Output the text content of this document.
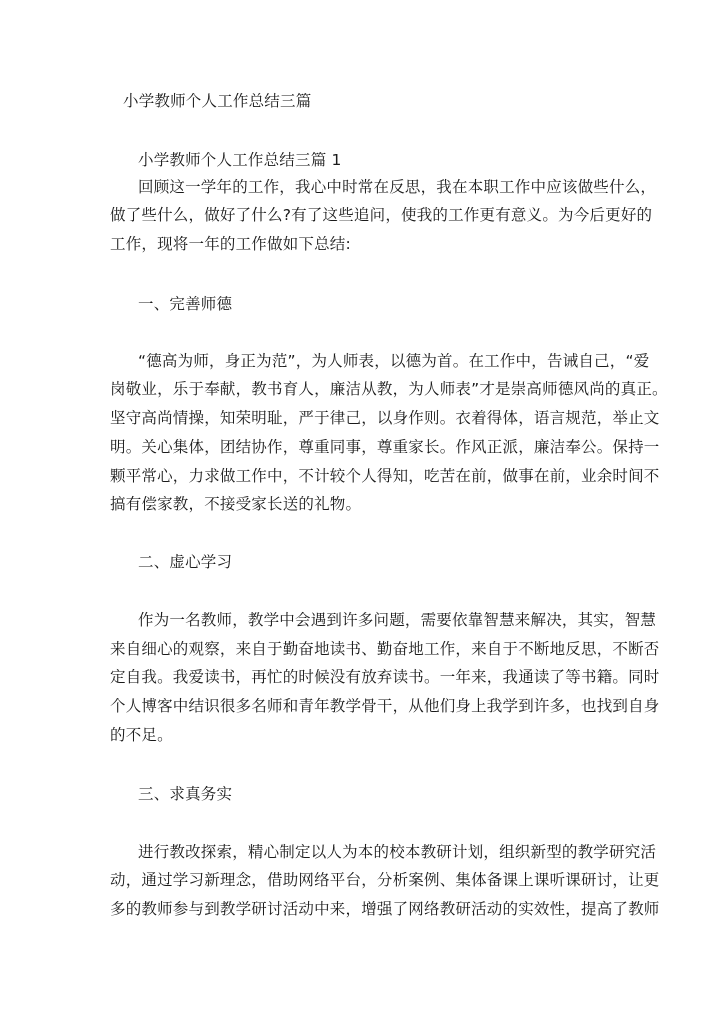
小学教师个人工作总结三篇
小学教师个人工作总结三篇 1
回顾这一学年的工作，我心中时常在反思，我在本职工作中应该做些什么，
做了些什么，做好了什么?有了这些追问，使我的工作更有意义。为今后更好的
工作，现将一年的工作做如下总结:
一、完善师德
“德高为师，身正为范”，为人师表，以德为首。在工作中，告诫自己，“爱
岗敬业，乐于奉献，教书育人，廉洁从教，为人师表”才是崇高师德风尚的真正。
坚守高尚情操，知荣明耻，严于律己，以身作则。衣着得体，语言规范，举止文
明。关心集体，团结协作，尊重同事，尊重家长。作风正派，廉洁奉公。保持一
颗平常心，力求做工作中，不计较个人得知，吃苦在前，做事在前，业余时间不
搞有偿家教，不接受家长送的礼物。
二、虚心学习
作为一名教师，教学中会遇到许多问题，需要依靠智慧来解决，其实，智慧
来自细心的观察，来自于勤奋地读书、勤奋地工作，来自于不断地反思，不断否
定自我。我爱读书，再忙的时候没有放弃读书。一年来，我通读了等书籍。同时
个人博客中结识很多名师和青年教学骨干，从他们身上我学到许多，也找到自身
的不足。
三、求真务实
进行教改探索，精心制定以人为本的校本教研计划，组织新型的教学研究活
动，通过学习新理念，借助网络平台，分析案例、集体备课上课听课研讨，让更
多的教师参与到教学研讨活动中来，增强了网络教研活动的实效性，提高了教师
